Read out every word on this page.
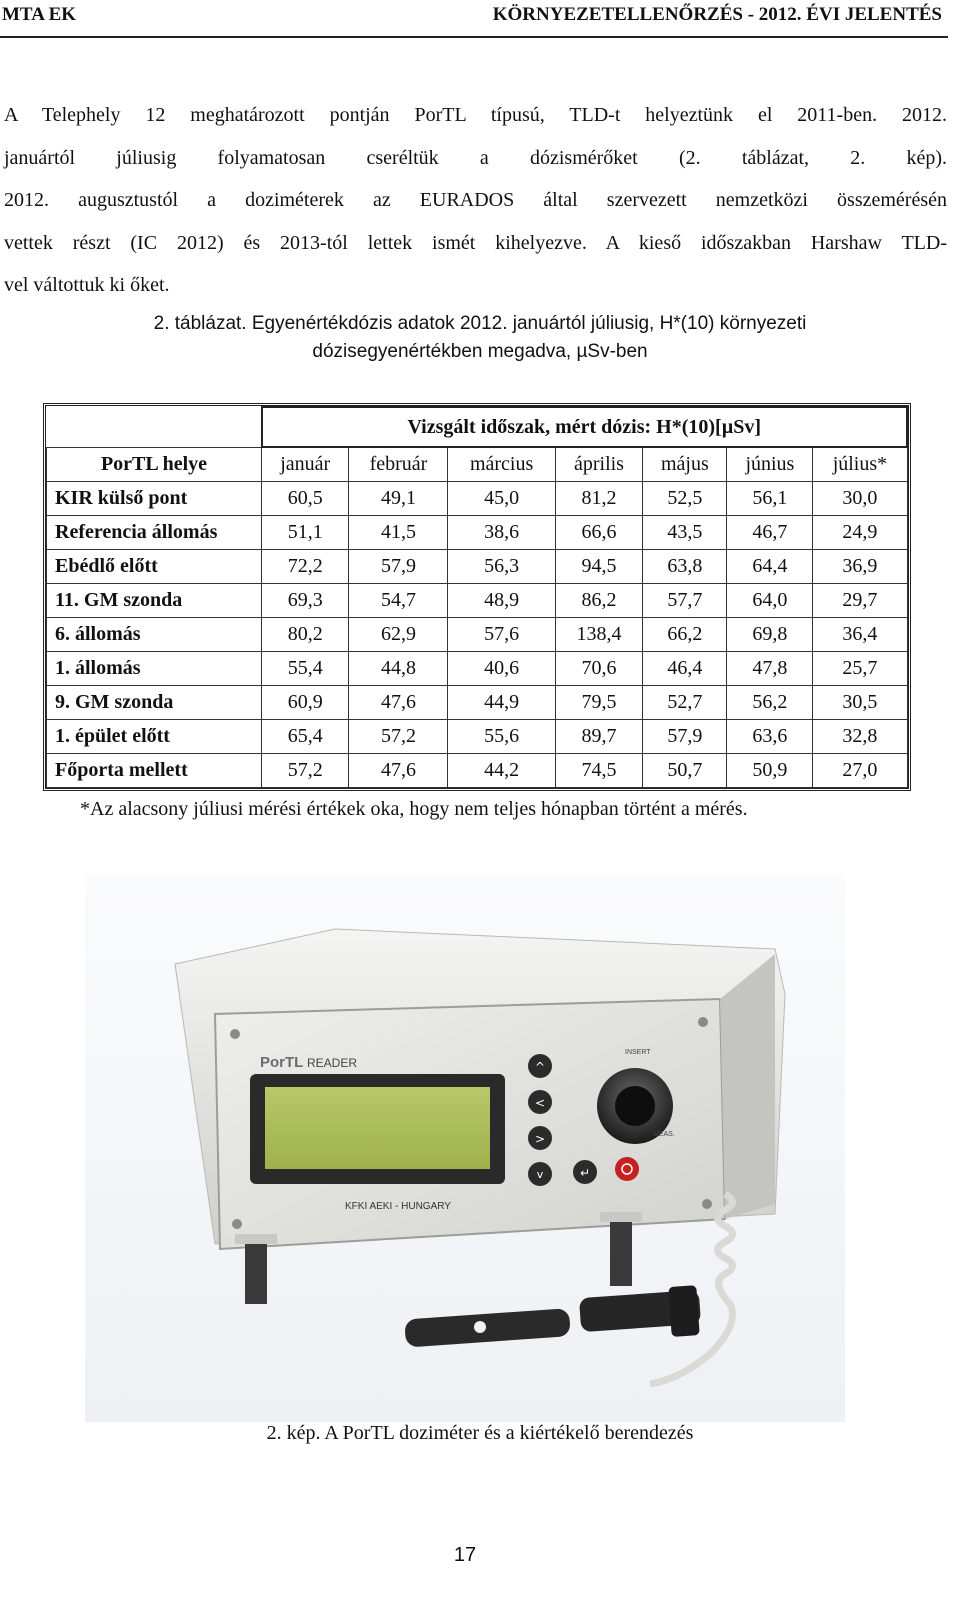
MTA EK	KÖRNYEZETELLENŐRZÉS - 2012. ÉVI JELENTÉS
A Telephely 12 meghatározott pontján PorTL típusú, TLD-t helyeztünk el 2011-ben. 2012.
januártól júliusig folyamatosan cseréltük a dózismérőket (2. táblázat, 2. kép).
2012. augusztustól a doziméterek az EURADOS által szervezett nemzetközi összemérésén
vettek részt (IC 2012) és 2013-tól lettek ismét kihelyezve. A kieső időszakban Harshaw TLD-
vel váltottuk ki őket.
2. táblázat. Egyenértékdózis adatok 2012. januártól júliusig, H*(10) környezeti
dózisegyenértékben megadva, µSv-ben
	Vizsgált időszak, mért dózis: H*(10)[µSv]						
PorTL helye	január	február	március	április	május	június	július*
KIR külső pont	60,5	49,1	45,0	81,2	52,5	56,1	30,0
Referencia állomás	51,1	41,5	38,6	66,6	43,5	46,7	24,9
Ebédlő előtt	72,2	57,9	56,3	94,5	63,8	64,4	36,9
11. GM szonda	69,3	54,7	48,9	86,2	57,7	64,0	29,7
6. állomás	80,2	62,9	57,6	138,4	66,2	69,8	36,4
1. állomás	55,4	44,8	40,6	70,6	46,4	47,8	25,7
9. GM szonda	60,9	47,6	44,9	79,5	52,7	56,2	30,5
1. épület előtt	65,4	57,2	55,6	89,7	57,9	63,6	32,8
Főporta mellett	57,2	47,6	44,2	74,5	50,7	50,9	27,0
*Az alacsony júliusi mérési értékek oka, hogy nem teljes hónapban történt a mérés.
PorTL READER
KFKI AEKI - HUNGARY
^
<
>
v	↵
INSERT
MEAS.
2. kép. A PorTL doziméter és a kiértékelő berendezés
17
